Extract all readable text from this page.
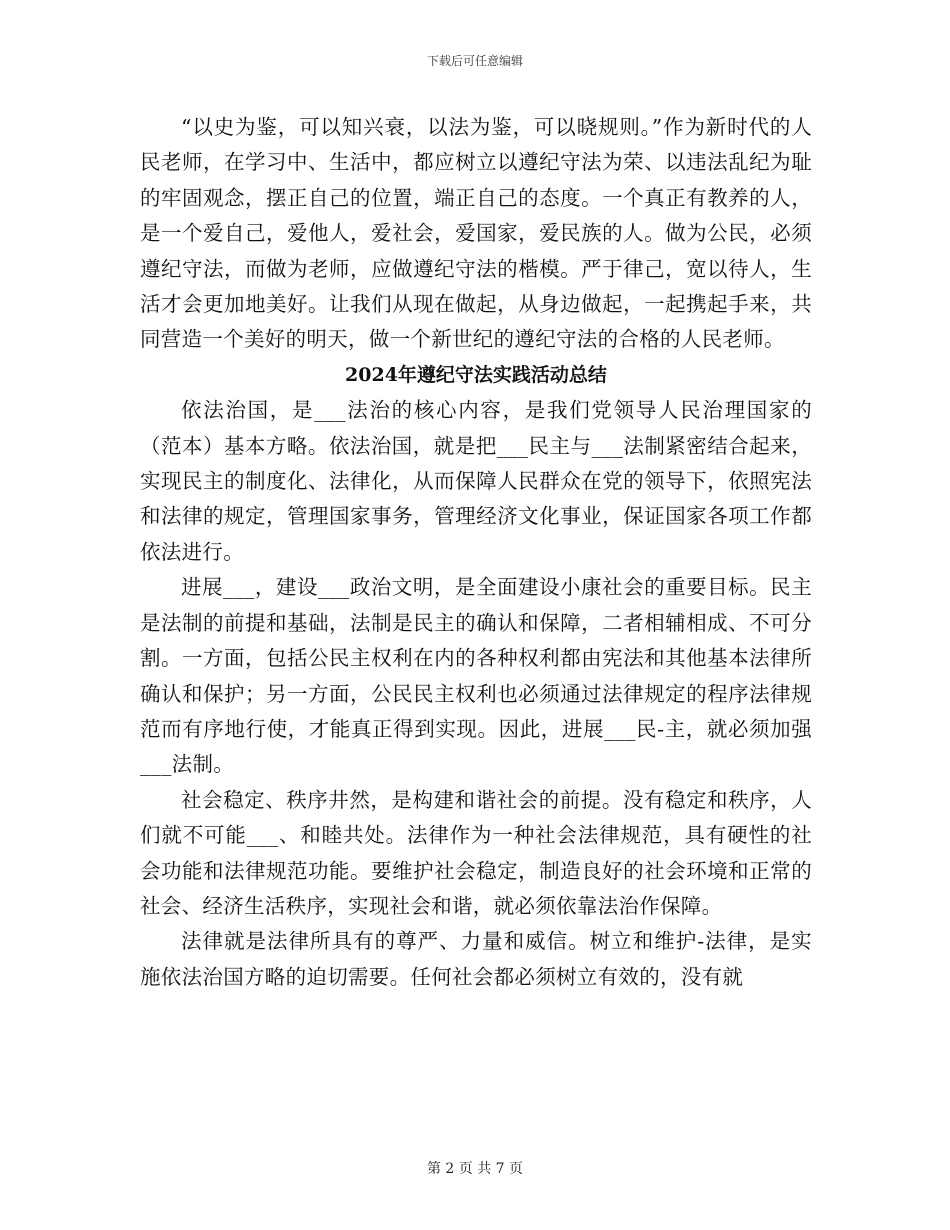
下载后可任意编辑

“以史为鉴，可以知兴衰，以法为鉴，可以晓规则。”作为新时代的人民老师，在学习中、生活中，都应树立以遵纪守法为荣、以违法乱纪为耻的牢固观念，摆正自己的位置，端正自己的态度。一个真正有教养的人，是一个爱自己，爱他人，爱社会，爱国家，爱民族的人。做为公民，必须遵纪守法，而做为老师，应做遵纪守法的楷模。严于律己，宽以待人，生活才会更加地美好。让我们从现在做起，从身边做起，一起携起手来，共同营造一个美好的明天，做一个新世纪的遵纪守法的合格的人民老师。

2024年遵纪守法实践活动总结

依法治国，是___法治的核心内容，是我们党领导人民治理国家的（范本）基本方略。依法治国，就是把___民主与___法制紧密结合起来，实现民主的制度化、法律化，从而保障人民群众在党的领导下，依照宪法和法律的规定，管理国家事务，管理经济文化事业，保证国家各项工作都依法进行。

进展___，建设___政治文明，是全面建设小康社会的重要目标。民主是法制的前提和基础，法制是民主的确认和保障，二者相辅相成、不可分割。一方面，包括公民主权利在内的各种权利都由宪法和其他基本法律所确认和保护；另一方面，公民民主权利也必须通过法律规定的程序法律规范而有序地行使，才能真正得到实现。因此，进展___民-主，就必须加强___法制。

社会稳定、秩序井然，是构建和谐社会的前提。没有稳定和秩序，人们就不可能___、和睦共处。法律作为一种社会法律规范，具有硬性的社会功能和法律规范功能。要维护社会稳定，制造良好的社会环境和正常的社会、经济生活秩序，实现社会和谐，就必须依靠法治作保障。

法律就是法律所具有的尊严、力量和威信。树立和维护-法律，是实施依法治国方略的迫切需要。任何社会都必须树立有效的，没有就

第 2 页 共 7 页
